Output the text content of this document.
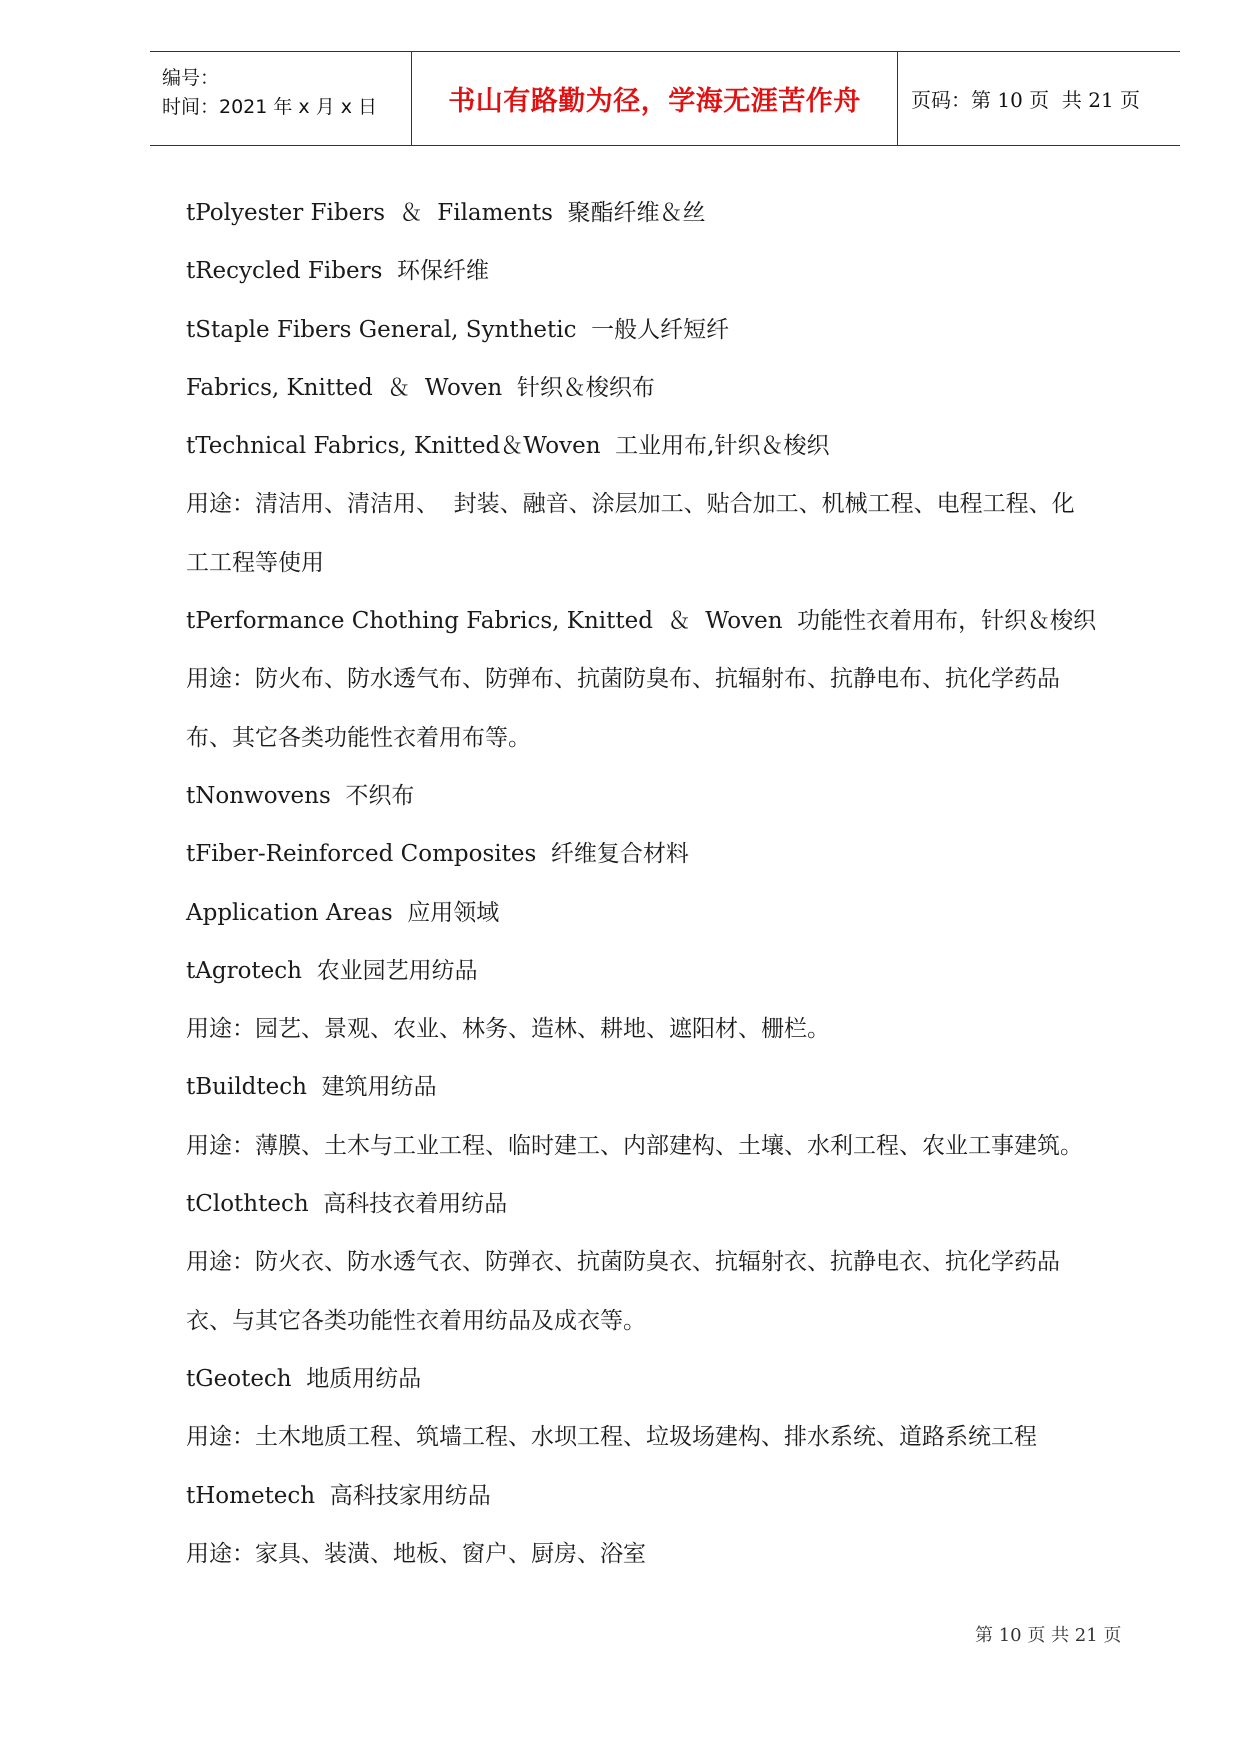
编号：
时间：2021 年 x 月 x 日	书山有路勤为径，学海无涯苦作舟	页码：第 10 页  共 21 页
tPolyester Fibers  ＆  Filaments  聚酯纤维＆丝
tRecycled Fibers  环保纤维
tStaple Fibers General, Synthetic  一般人纤短纤
Fabrics, Knitted  ＆  Woven  针织＆梭织布
tTechnical Fabrics, Knitted＆Woven  工业用布,针织＆梭织
用途：清洁用、清洁用、  封装、融音、涂层加工、贴合加工、机械工程、电程工程、化
工工程等使用
tPerformance Chothing Fabrics, Knitted  ＆  Woven  功能性衣着用布，针织＆梭织
用途：防火布、防水透气布、防弹布、抗菌防臭布、抗辐射布、抗静电布、抗化学药品
布、其它各类功能性衣着用布等。
tNonwovens  不织布
tFiber-Reinforced Composites  纤维复合材料
Application Areas  应用领域
tAgrotech  农业园艺用纺品
用途：园艺、景观、农业、林务、造林、耕地、遮阳材、栅栏。
tBuildtech  建筑用纺品
用途：薄膜、土木与工业工程、临时建工、内部建构、土壤、水利工程、农业工事建筑。
tClothtech  高科技衣着用纺品
用途：防火衣、防水透气衣、防弹衣、抗菌防臭衣、抗辐射衣、抗静电衣、抗化学药品
衣、与其它各类功能性衣着用纺品及成衣等。
tGeotech  地质用纺品
用途：土木地质工程、筑墙工程、水坝工程、垃圾场建构、排水系统、道路系统工程
tHometech  高科技家用纺品
用途：家具、装潢、地板、窗户、厨房、浴室
第 10 页 共 21 页
